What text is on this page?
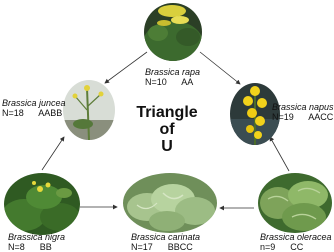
Brassica rapa
N=10 AA
Brassica juncea
N=18 AABB
Brassica napus
N=19 AACC
Triangle
of
U
Brassica nigra
N=8 BB
Brassica carinata
N=17 BBCC
Brassica oleracea
n=9 CC
